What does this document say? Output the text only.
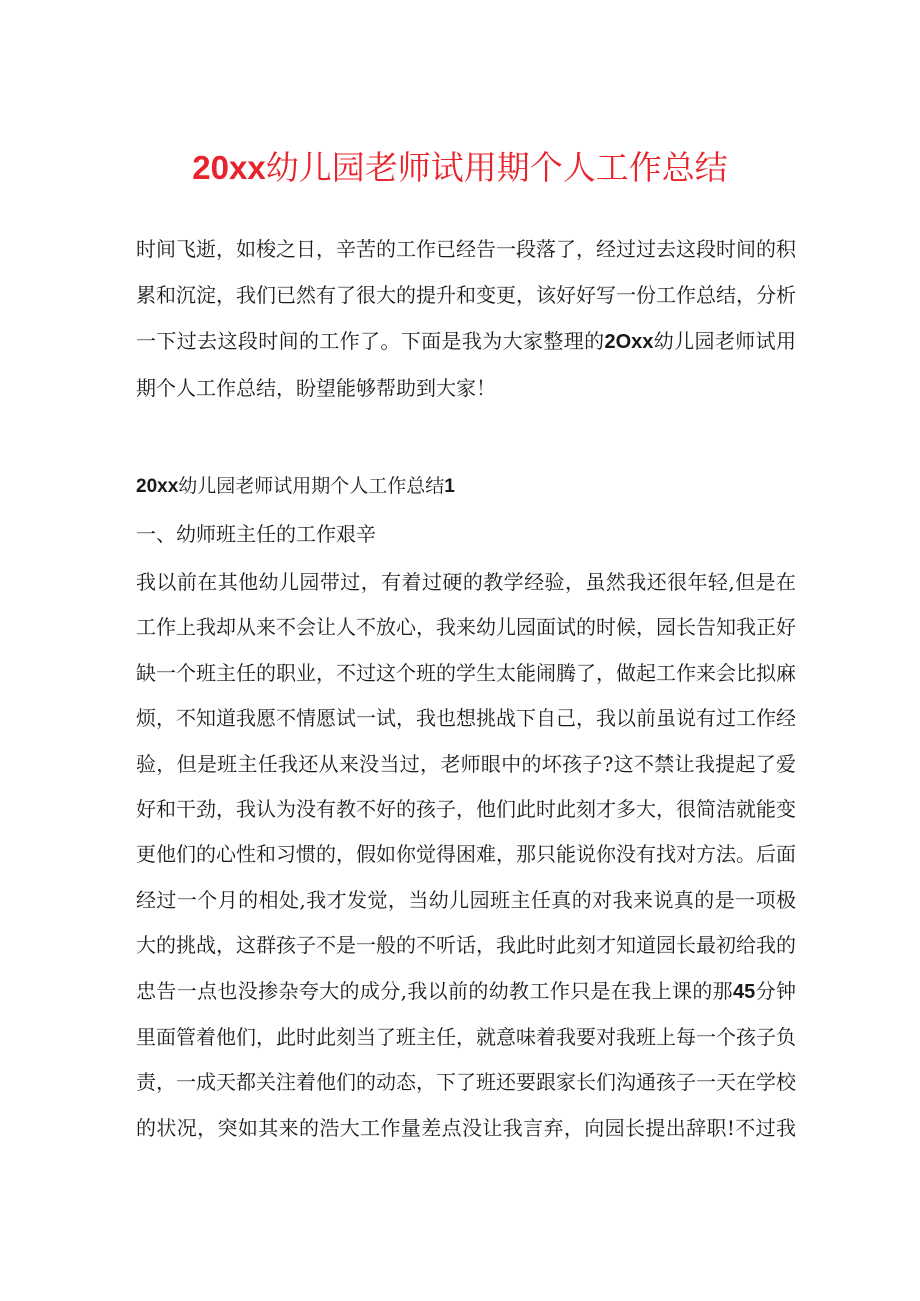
20xx幼儿园老师试用期个人工作总结

时间飞逝，如梭之日，辛苦的工作已经告一段落了，经过过去这段时间的积
累和沉淀，我们已然有了很大的提升和变更，该好好写一份工作总结，分析
一下过去这段时间的工作了。下面是我为大家整理的2Oxx幼儿园老师试用
期个人工作总结，盼望能够帮助到大家！

20xx幼儿园老师试用期个人工作总结1

一、幼师班主任的工作艰辛

我以前在其他幼儿园带过，有着过硬的教学经验，虽然我还很年轻,但是在
工作上我却从来不会让人不放心，我来幼儿园面试的时候，园长告知我正好
缺一个班主任的职业，不过这个班的学生太能闹腾了，做起工作来会比拟麻
烦，不知道我愿不情愿试一试，我也想挑战下自己，我以前虽说有过工作经
验，但是班主任我还从来没当过，老师眼中的坏孩子?这不禁让我提起了爱
好和干劲，我认为没有教不好的孩子，他们此时此刻才多大，很简洁就能变
更他们的心性和习惯的，假如你觉得困难，那只能说你没有找对方法。后面
经过一个月的相处,我才发觉，当幼儿园班主任真的对我来说真的是一项极
大的挑战，这群孩子不是一般的不听话，我此时此刻才知道园长最初给我的
忠告一点也没掺杂夸大的成分,我以前的幼教工作只是在我上课的那45分钟
里面管着他们，此时此刻当了班主任，就意味着我要对我班上每一个孩子负
责，一成天都关注着他们的动态，下了班还要跟家长们沟通孩子一天在学校
的状况，突如其来的浩大工作量差点没让我言弃，向园长提出辞职!不过我
